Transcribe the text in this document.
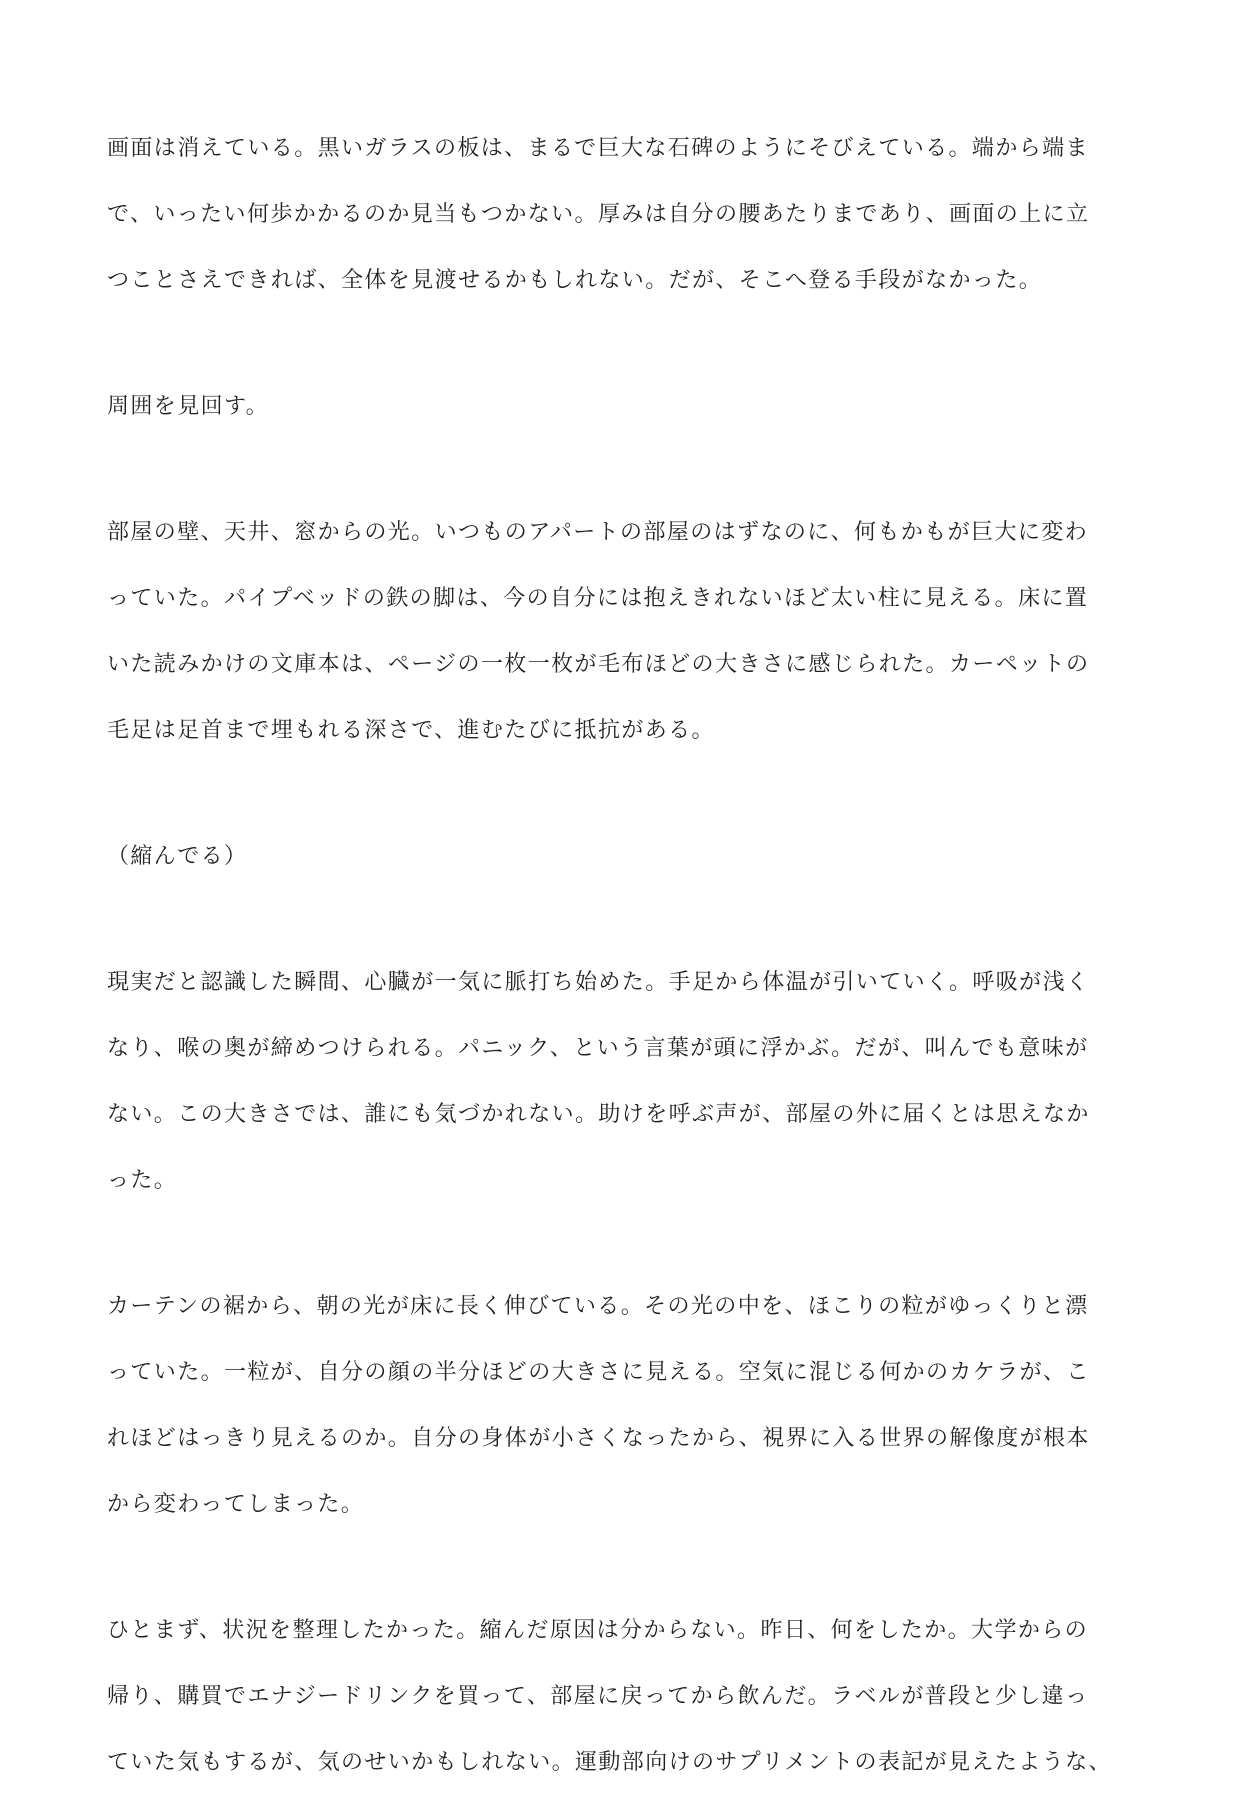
画面は消えている。黒いガラスの板は、まるで巨大な石碑のようにそびえている。端から端ま
で、いったい何歩かかるのか見当もつかない。厚みは自分の腰あたりまであり、画面の上に立
つことさえできれば、全体を見渡せるかもしれない。だが、そこへ登る手段がなかった。
周囲を見回す。
部屋の壁、天井、窓からの光。いつものアパートの部屋のはずなのに、何もかもが巨大に変わ
っていた。パイプベッドの鉄の脚は、今の自分には抱えきれないほど太い柱に見える。床に置
いた読みかけの文庫本は、ページの一枚一枚が毛布ほどの大きさに感じられた。カーペットの
毛足は足首まで埋もれる深さで、進むたびに抵抗がある。
（縮んでる）
現実だと認識した瞬間、心臓が一気に脈打ち始めた。手足から体温が引いていく。呼吸が浅く
なり、喉の奥が締めつけられる。パニック、という言葉が頭に浮かぶ。だが、叫んでも意味が
ない。この大きさでは、誰にも気づかれない。助けを呼ぶ声が、部屋の外に届くとは思えなか
った。
カーテンの裾から、朝の光が床に長く伸びている。その光の中を、ほこりの粒がゆっくりと漂
っていた。一粒が、自分の顔の半分ほどの大きさに見える。空気に混じる何かのカケラが、こ
れほどはっきり見えるのか。自分の身体が小さくなったから、視界に入る世界の解像度が根本
から変わってしまった。
ひとまず、状況を整理したかった。縮んだ原因は分からない。昨日、何をしたか。大学からの
帰り、購買でエナジードリンクを買って、部屋に戻ってから飲んだ。ラベルが普段と少し違っ
ていた気もするが、気のせいかもしれない。運動部向けのサプリメントの表記が見えたような、
